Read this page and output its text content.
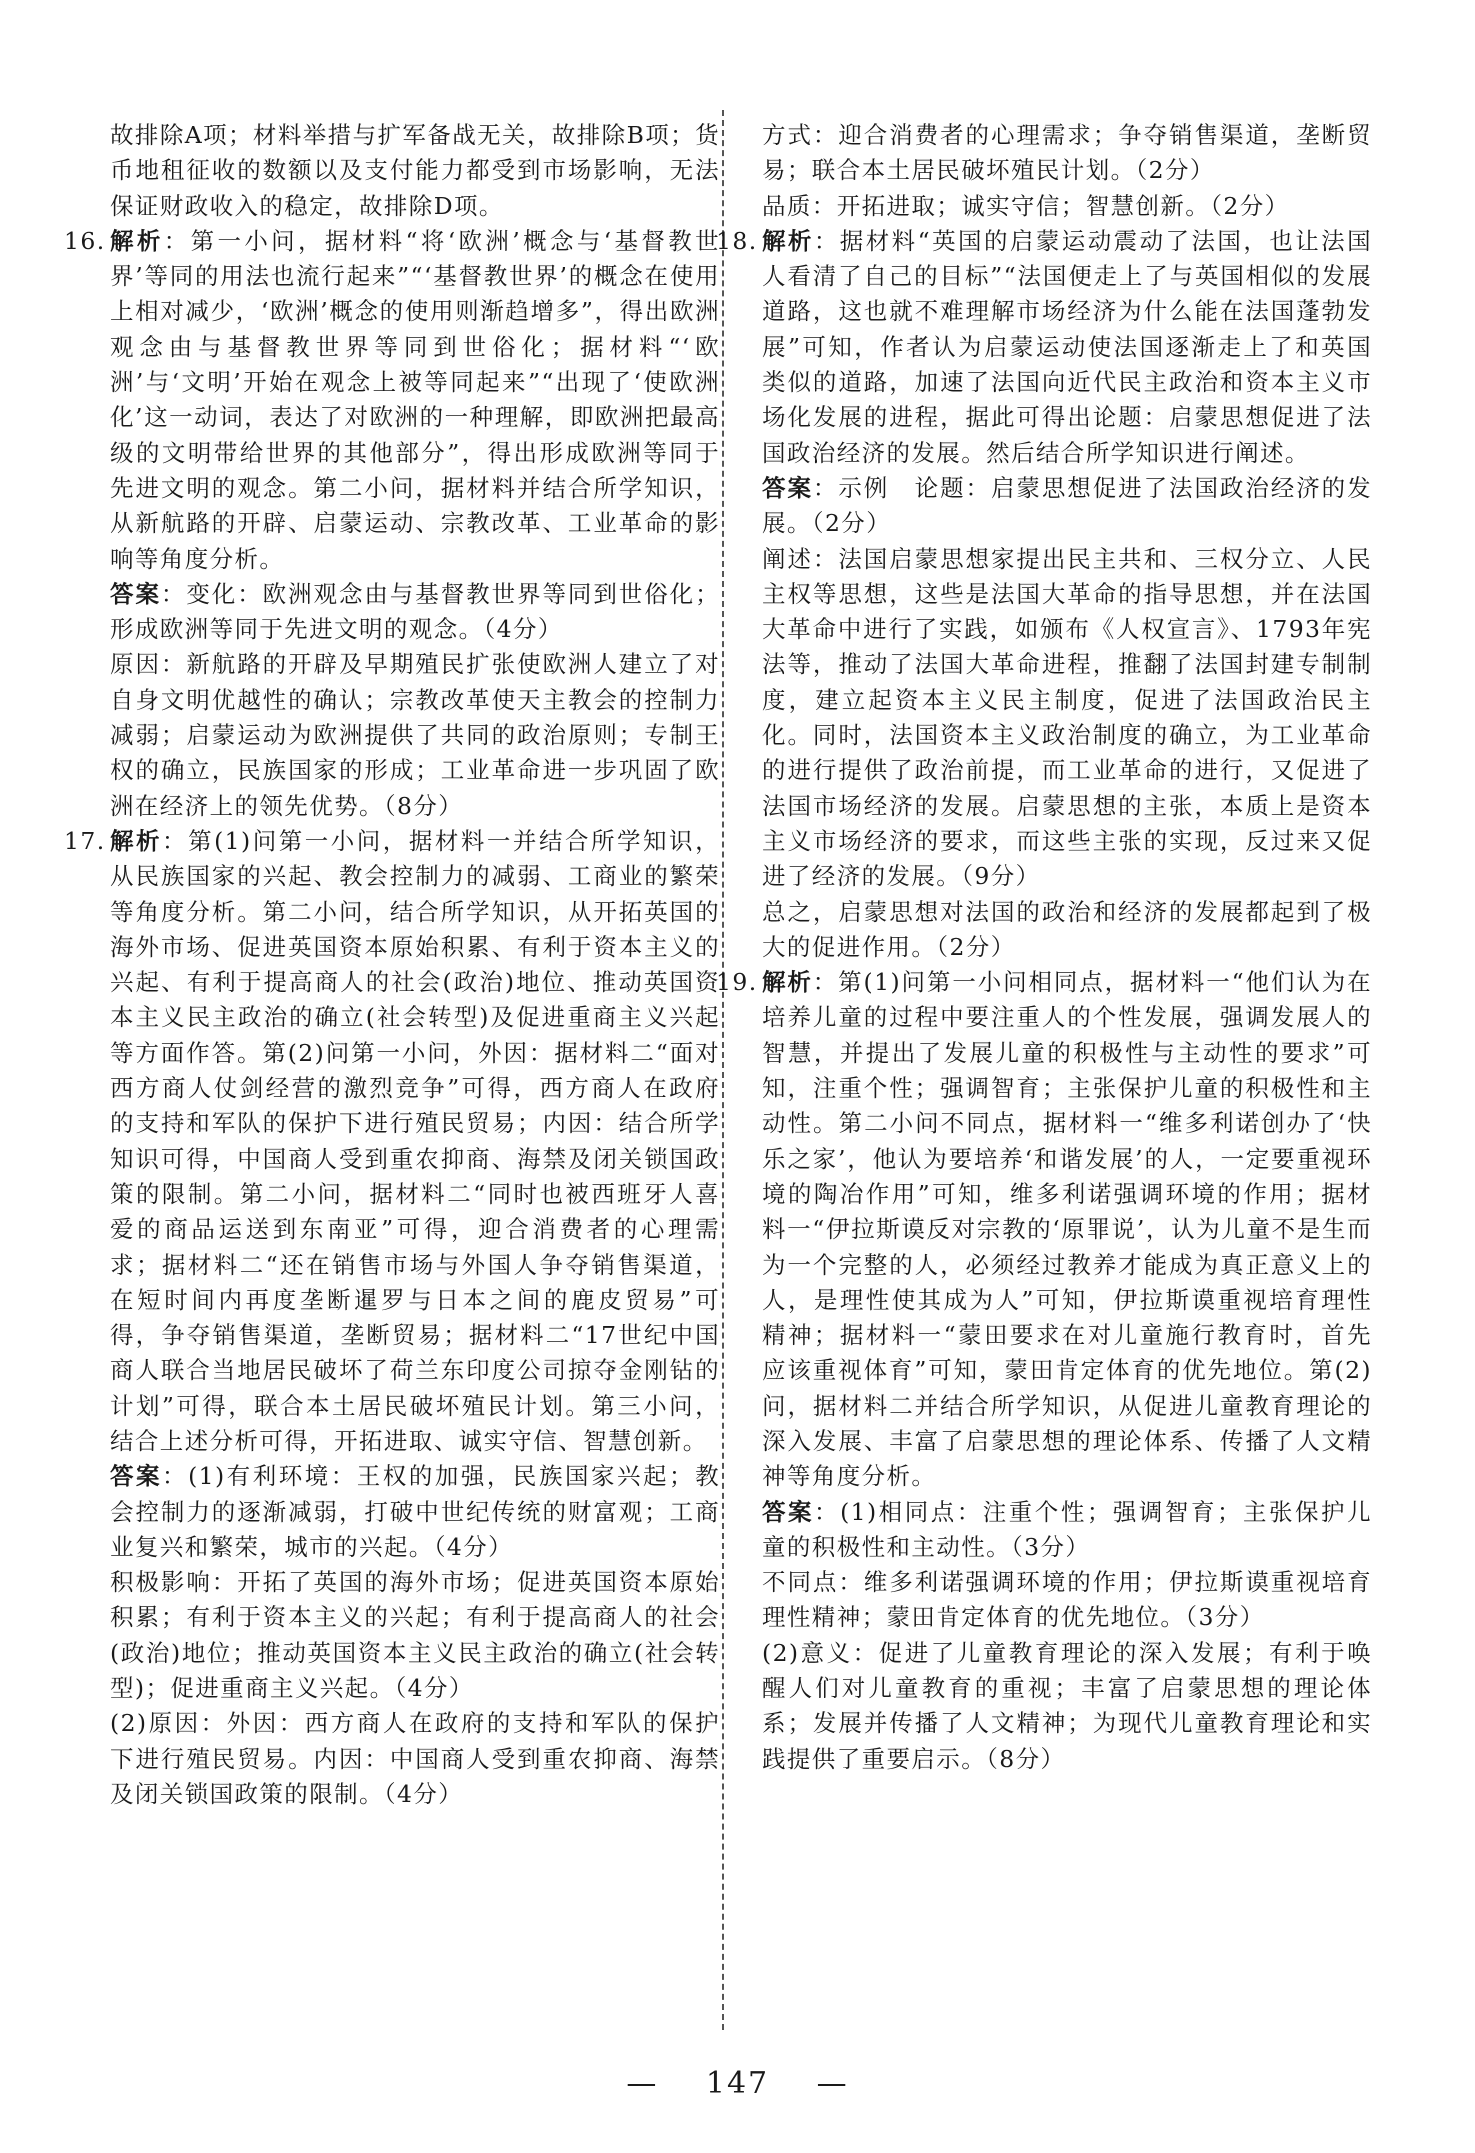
故排除A项；材料举措与扩军备战无关，故排除B项；货币地租征收的数额以及支付能力都受到市场影响，无法保证财政收入的稳定，故排除D项。

16. 解析：第一小问，据材料“将‘欧洲’概念与‘基督教世界’等同的用法也流行起来”“‘基督教世界’的概念在使用上相对减少，‘欧洲’概念的使用则渐趋增多”，得出欧洲观念由与基督教世界等同到世俗化；据材料“‘欧洲’与‘文明’开始在观念上被等同起来”“出现了‘使欧洲化’这一动词，表达了对欧洲的一种理解，即欧洲把最高级的文明带给世界的其他部分”，得出形成欧洲等同于先进文明的观念。第二小问，据材料并结合所学知识，从新航路的开辟、启蒙运动、宗教改革、工业革命的影响等角度分析。

答案：变化：欧洲观念由与基督教世界等同到世俗化；形成欧洲等同于先进文明的观念。（4分）

原因：新航路的开辟及早期殖民扩张使欧洲人建立了对自身文明优越性的确认；宗教改革使天主教会的控制力减弱；启蒙运动为欧洲提供了共同的政治原则；专制王权的确立，民族国家的形成；工业革命进一步巩固了欧洲在经济上的领先优势。（8分）

17. 解析：第(1)问第一小问，据材料一并结合所学知识，从民族国家的兴起、教会控制力的减弱、工商业的繁荣等角度分析。第二小问，结合所学知识，从开拓英国的海外市场、促进英国资本原始积累、有利于资本主义的兴起、有利于提高商人的社会(政治)地位、推动英国资本主义民主政治的确立(社会转型)及促进重商主义兴起等方面作答。第(2)问第一小问，外因：据材料二“面对西方商人仗剑经营的激烈竞争”可得，西方商人在政府的支持和军队的保护下进行殖民贸易；内因：结合所学知识可得，中国商人受到重农抑商、海禁及闭关锁国政策的限制。第二小问，据材料二“同时也被西班牙人喜爱的商品运送到东南亚”可得，迎合消费者的心理需求；据材料二“还在销售市场与外国人争夺销售渠道，在短时间内再度垄断暹罗与日本之间的鹿皮贸易”可得，争夺销售渠道，垄断贸易；据材料二“17世纪中国商人联合当地居民破坏了荷兰东印度公司掠夺金刚钻的计划”可得，联合本土居民破坏殖民计划。第三小问，结合上述分析可得，开拓进取、诚实守信、智慧创新。

答案：(1)有利环境：王权的加强，民族国家兴起；教会控制力的逐渐减弱，打破中世纪传统的财富观；工商业复兴和繁荣，城市的兴起。（4分）

积极影响：开拓了英国的海外市场；促进英国资本原始积累；有利于资本主义的兴起；有利于提高商人的社会(政治)地位；推动英国资本主义民主政治的确立(社会转型)；促进重商主义兴起。（4分）

(2)原因：外因：西方商人在政府的支持和军队的保护下进行殖民贸易。内因：中国商人受到重农抑商、海禁及闭关锁国政策的限制。（4分）

方式：迎合消费者的心理需求；争夺销售渠道，垄断贸易；联合本土居民破坏殖民计划。（2分）

品质：开拓进取；诚实守信；智慧创新。（2分）

18. 解析：据材料“英国的启蒙运动震动了法国，也让法国人看清了自己的目标”“法国便走上了与英国相似的发展道路，这也就不难理解市场经济为什么能在法国蓬勃发展”可知，作者认为启蒙运动使法国逐渐走上了和英国类似的道路，加速了法国向近代民主政治和资本主义市场化发展的进程，据此可得出论题：启蒙思想促进了法国政治经济的发展。然后结合所学知识进行阐述。

答案：示例　论题：启蒙思想促进了法国政治经济的发展。（2分）

阐述：法国启蒙思想家提出民主共和、三权分立、人民主权等思想，这些是法国大革命的指导思想，并在法国大革命中进行了实践，如颁布《人权宣言》、1793年宪法等，推动了法国大革命进程，推翻了法国封建专制制度，建立起资本主义民主制度，促进了法国政治民主化。同时，法国资本主义政治制度的确立，为工业革命的进行提供了政治前提，而工业革命的进行，又促进了法国市场经济的发展。启蒙思想的主张，本质上是资本主义市场经济的要求，而这些主张的实现，反过来又促进了经济的发展。（9分）

总之，启蒙思想对法国的政治和经济的发展都起到了极大的促进作用。（2分）

19. 解析：第(1)问第一小问相同点，据材料一“他们认为在培养儿童的过程中要注重人的个性发展，强调发展人的智慧，并提出了发展儿童的积极性与主动性的要求”可知，注重个性；强调智育；主张保护儿童的积极性和主动性。第二小问不同点，据材料一“维多利诺创办了‘快乐之家’，他认为要培养‘和谐发展’的人，一定要重视环境的陶冶作用”可知，维多利诺强调环境的作用；据材料一“伊拉斯谟反对宗教的‘原罪说’，认为儿童不是生而为一个完整的人，必须经过教养才能成为真正意义上的人，是理性使其成为人”可知，伊拉斯谟重视培育理性精神；据材料一“蒙田要求在对儿童施行教育时，首先应该重视体育”可知，蒙田肯定体育的优先地位。第(2)问，据材料二并结合所学知识，从促进儿童教育理论的深入发展、丰富了启蒙思想的理论体系、传播了人文精神等角度分析。

答案：(1)相同点：注重个性；强调智育；主张保护儿童的积极性和主动性。（3分）

不同点：维多利诺强调环境的作用；伊拉斯谟重视培育理性精神；蒙田肯定体育的优先地位。（3分）

(2)意义：促进了儿童教育理论的深入发展；有利于唤醒人们对儿童教育的重视；丰富了启蒙思想的理论体系；发展并传播了人文精神；为现代儿童教育理论和实践提供了重要启示。（8分）

— 147 —
